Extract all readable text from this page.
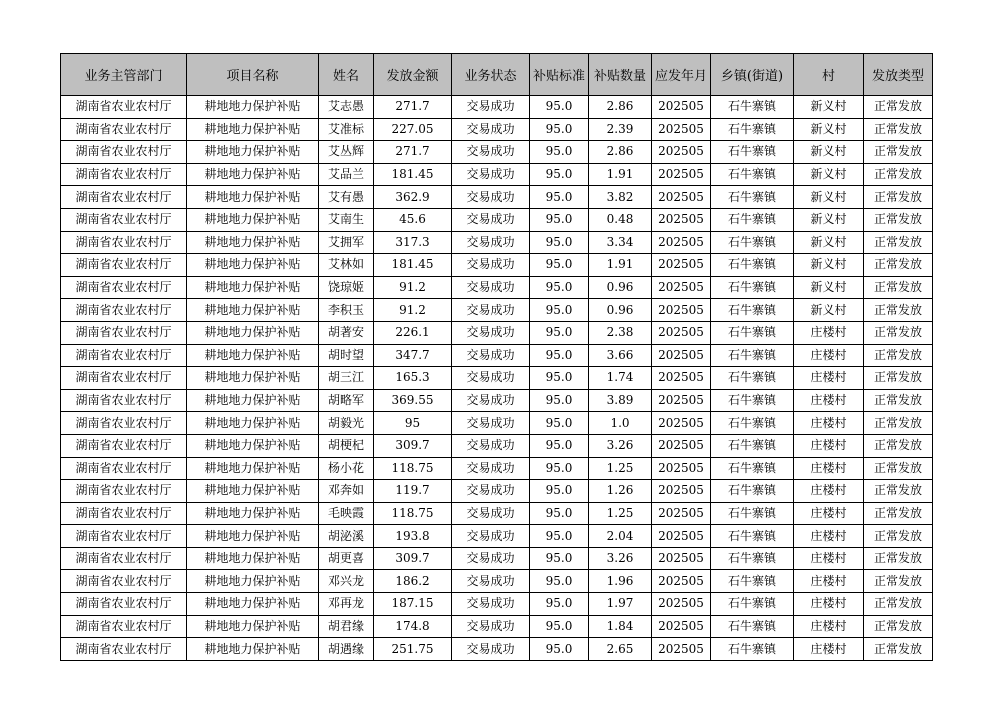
业务主管部门	项目名称	姓名	发放金额	业务状态	补贴标准	补贴数量	应发年月	乡镇(街道)	村	发放类型
湖南省农业农村厅	耕地地力保护补贴	艾志愚	271.7	交易成功	95.0	2.86	202505	石牛寨镇	新义村	正常发放
湖南省农业农村厅	耕地地力保护补贴	艾准标	227.05	交易成功	95.0	2.39	202505	石牛寨镇	新义村	正常发放
湖南省农业农村厅	耕地地力保护补贴	艾丛辉	271.7	交易成功	95.0	2.86	202505	石牛寨镇	新义村	正常发放
湖南省农业农村厅	耕地地力保护补贴	艾品兰	181.45	交易成功	95.0	1.91	202505	石牛寨镇	新义村	正常发放
湖南省农业农村厅	耕地地力保护补贴	艾有愚	362.9	交易成功	95.0	3.82	202505	石牛寨镇	新义村	正常发放
湖南省农业农村厅	耕地地力保护补贴	艾南生	45.6	交易成功	95.0	0.48	202505	石牛寨镇	新义村	正常发放
湖南省农业农村厅	耕地地力保护补贴	艾拥军	317.3	交易成功	95.0	3.34	202505	石牛寨镇	新义村	正常发放
湖南省农业农村厅	耕地地力保护补贴	艾林如	181.45	交易成功	95.0	1.91	202505	石牛寨镇	新义村	正常发放
湖南省农业农村厅	耕地地力保护补贴	饶琼姬	91.2	交易成功	95.0	0.96	202505	石牛寨镇	新义村	正常发放
湖南省农业农村厅	耕地地力保护补贴	李积玉	91.2	交易成功	95.0	0.96	202505	石牛寨镇	新义村	正常发放
湖南省农业农村厅	耕地地力保护补贴	胡著安	226.1	交易成功	95.0	2.38	202505	石牛寨镇	庄楼村	正常发放
湖南省农业农村厅	耕地地力保护补贴	胡时望	347.7	交易成功	95.0	3.66	202505	石牛寨镇	庄楼村	正常发放
湖南省农业农村厅	耕地地力保护补贴	胡三江	165.3	交易成功	95.0	1.74	202505	石牛寨镇	庄楼村	正常发放
湖南省农业农村厅	耕地地力保护补贴	胡略军	369.55	交易成功	95.0	3.89	202505	石牛寨镇	庄楼村	正常发放
湖南省农业农村厅	耕地地力保护补贴	胡毅光	95	交易成功	95.0	1.0	202505	石牛寨镇	庄楼村	正常发放
湖南省农业农村厅	耕地地力保护补贴	胡梗杞	309.7	交易成功	95.0	3.26	202505	石牛寨镇	庄楼村	正常发放
湖南省农业农村厅	耕地地力保护补贴	杨小花	118.75	交易成功	95.0	1.25	202505	石牛寨镇	庄楼村	正常发放
湖南省农业农村厅	耕地地力保护补贴	邓奔如	119.7	交易成功	95.0	1.26	202505	石牛寨镇	庄楼村	正常发放
湖南省农业农村厅	耕地地力保护补贴	毛映霞	118.75	交易成功	95.0	1.25	202505	石牛寨镇	庄楼村	正常发放
湖南省农业农村厅	耕地地力保护补贴	胡泌溪	193.8	交易成功	95.0	2.04	202505	石牛寨镇	庄楼村	正常发放
湖南省农业农村厅	耕地地力保护补贴	胡更喜	309.7	交易成功	95.0	3.26	202505	石牛寨镇	庄楼村	正常发放
湖南省农业农村厅	耕地地力保护补贴	邓兴龙	186.2	交易成功	95.0	1.96	202505	石牛寨镇	庄楼村	正常发放
湖南省农业农村厅	耕地地力保护补贴	邓再龙	187.15	交易成功	95.0	1.97	202505	石牛寨镇	庄楼村	正常发放
湖南省农业农村厅	耕地地力保护补贴	胡君缘	174.8	交易成功	95.0	1.84	202505	石牛寨镇	庄楼村	正常发放
湖南省农业农村厅	耕地地力保护补贴	胡遇缘	251.75	交易成功	95.0	2.65	202505	石牛寨镇	庄楼村	正常发放
